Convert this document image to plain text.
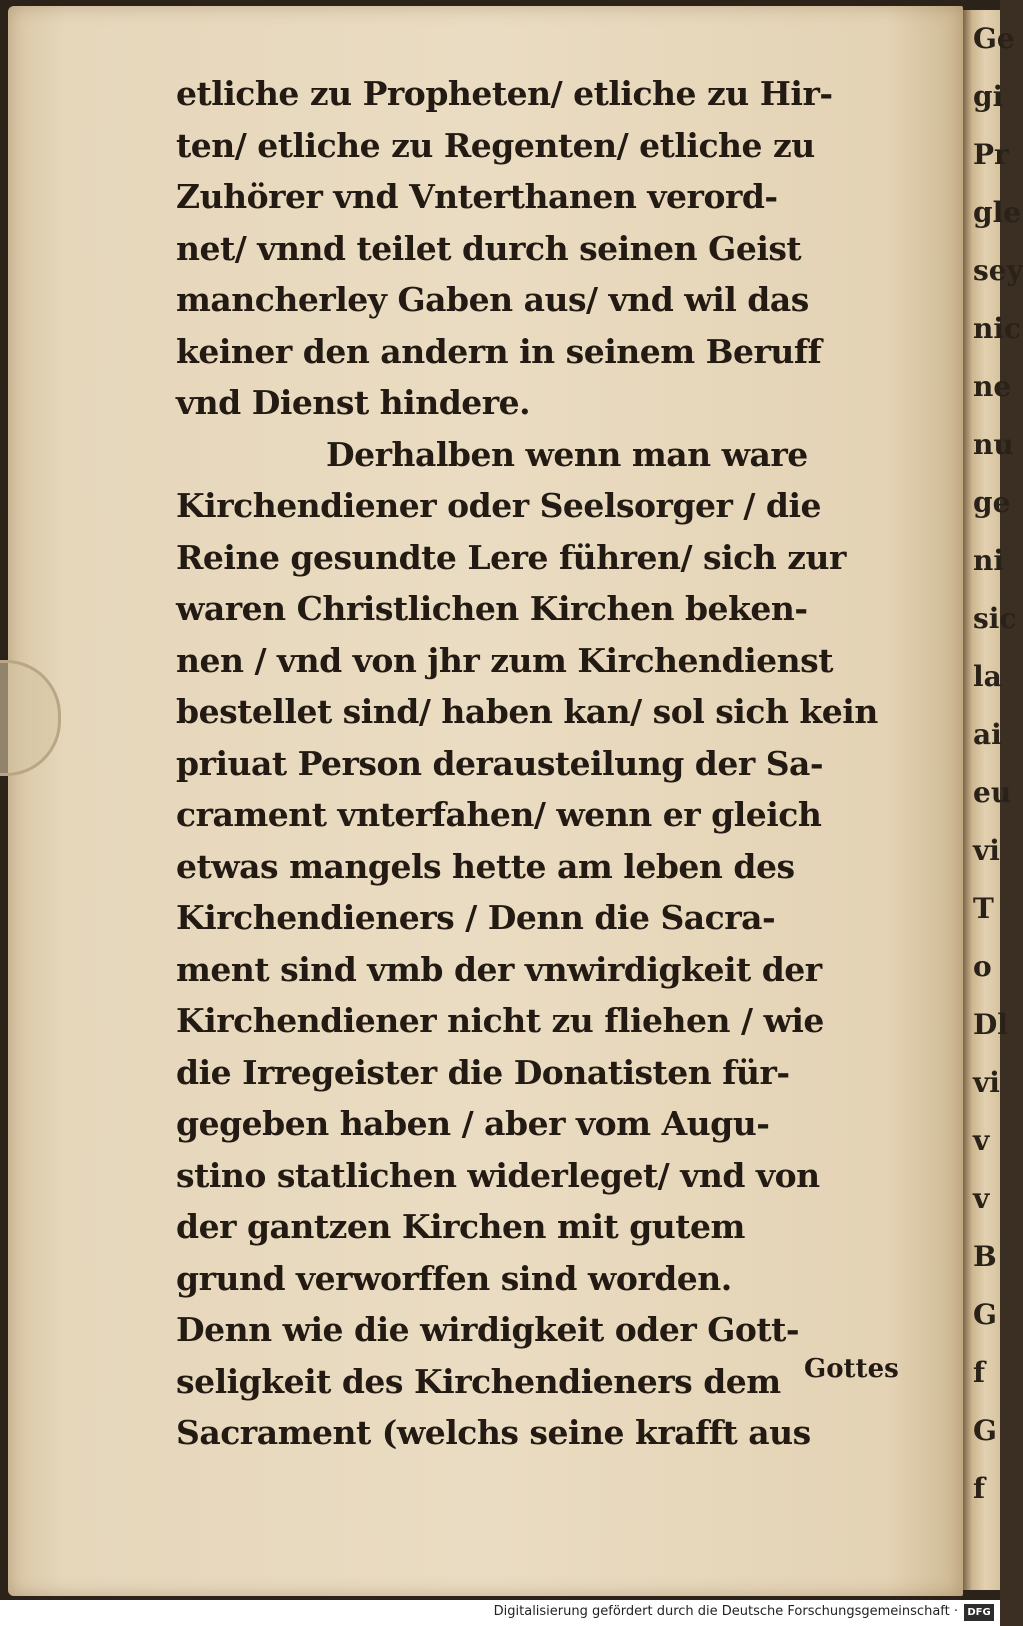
etliche zu Propheten/ etliche zu Hir‑
ten/ etliche zu Regenten/ etliche zu
Zuhörer vnd Vnterthanen verord‑
net/ vnnd teilet durch seinen Geist
mancherley Gaben aus/ vnd wil das
keiner den andern in seinem Beruff
vnd Dienst hindere.
Derhalben wenn man ware
Kirchendiener oder Seelsorger / die
Reine gesundte Lere führen/ sich zur
waren Christlichen Kirchen beken‑
nen / vnd von jhr zum Kirchendienst
bestellet sind/ haben kan/ sol sich kein
priuat Person derausteilung der Sa‑
crament vnterfahen/ wenn er gleich
etwas mangels hette am leben des
Kirchendieners / Denn die Sacra‑
ment sind vmb der vnwirdigkeit der
Kirchendiener nicht zu fliehen / wie
die Irregeister die Donatisten für‑
gegeben haben / aber vom Augu‑
stino statlichen widerleget/ vnd von
der gantzen Kirchen mit gutem
grund verworffen sind worden.
Denn wie die wirdigkeit oder Gott‑
seligkeit des Kirchendieners dem
Sacrament (welchs seine krafft aus
Gottes
Ge
gi
Pr
gle
sey
nic
ne
nu
ge
ni
sic
la
ai
eu
vi
T
o
Dl
vi
v
v
B
G
f
G
f
Digitalisierung gefördert durch die Deutsche Forschungsgemeinschaft · DFG
